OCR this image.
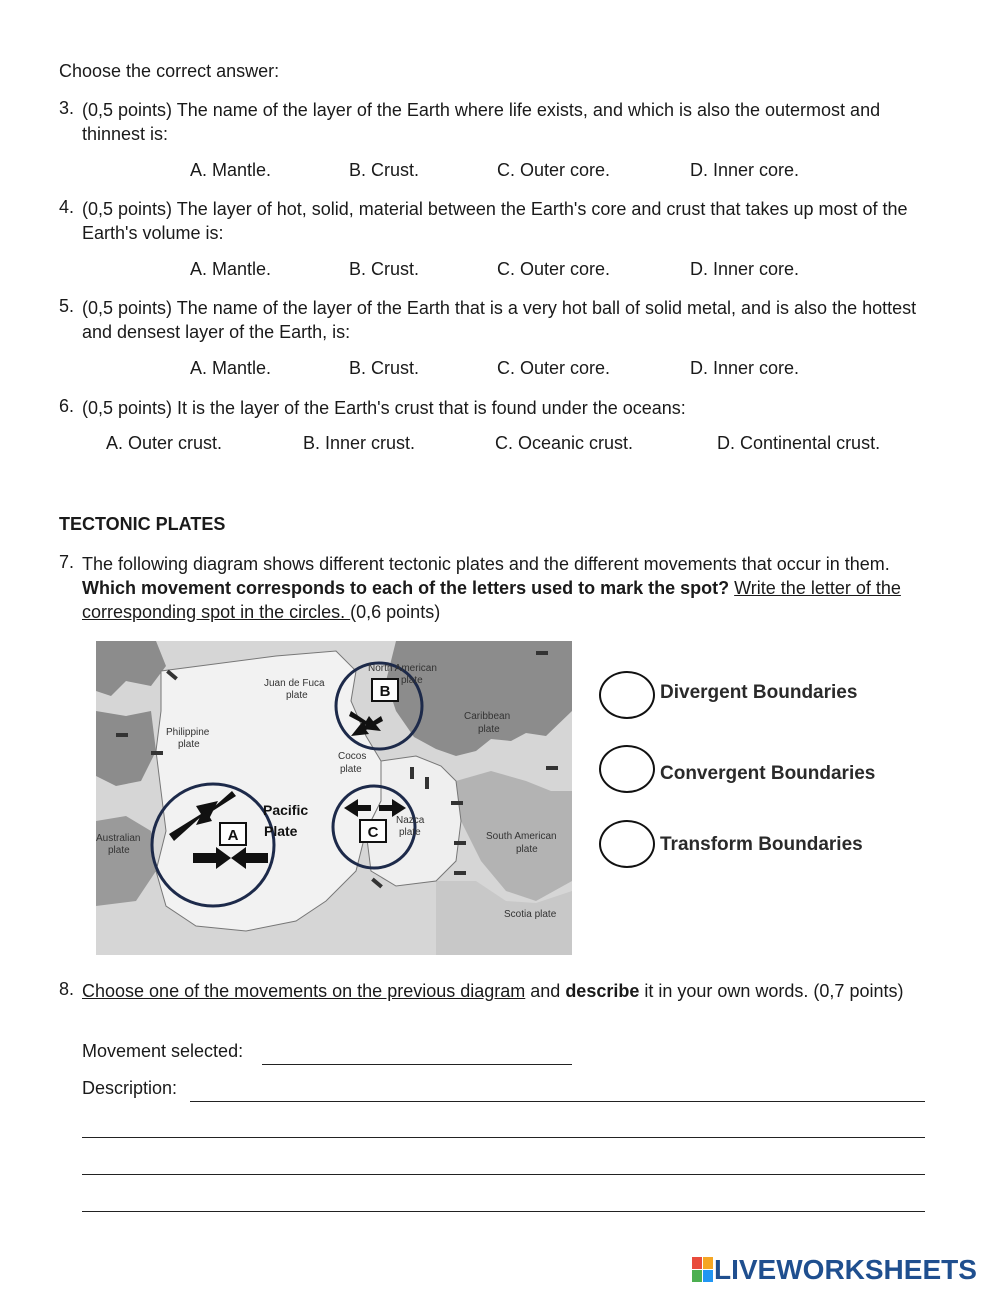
Choose the correct answer:
3. (0,5 points) The name of the layer of the Earth where life exists, and which is also the outermost and thinnest is:
A. Mantle.	B. Crust.	C. Outer core.	D. Inner core.
4. (0,5 points) The layer of hot, solid, material between the Earth's core and crust that takes up most of the Earth's volume is:
A. Mantle.	B. Crust.	C. Outer core.	D. Inner core.
5. (0,5 points) The name of the layer of the Earth that is a very hot ball of solid metal, and is also the hottest and densest layer of the Earth, is:
A. Mantle.	B. Crust.	C. Outer core.	D. Inner core.
6. (0,5 points) It is the layer of the Earth's crust that is found under the oceans:
A. Outer crust.	B. Inner crust.	C. Oceanic crust.	D. Continental crust.
TECTONIC PLATES
7. The following diagram shows different tectonic plates and the different movements that occur in them. Which movement corresponds to each of the letters used to mark the spot? Write the letter of the corresponding spot in the circles. (0,6 points)
B
C
A
North American
plate
Juan de Fuca
plate
Caribbean
plate
Philippine
plate
Cocos
plate
Pacific
Plate
Nazca
plate
Australian
plate
South American
plate
Scotia plate
Divergent Boundaries
Convergent Boundaries
Transform Boundaries
8. Choose one of the movements on the previous diagram and describe it in your own words. (0,7 points)
Movement selected:
Description:
LIVEWORKSHEETS
